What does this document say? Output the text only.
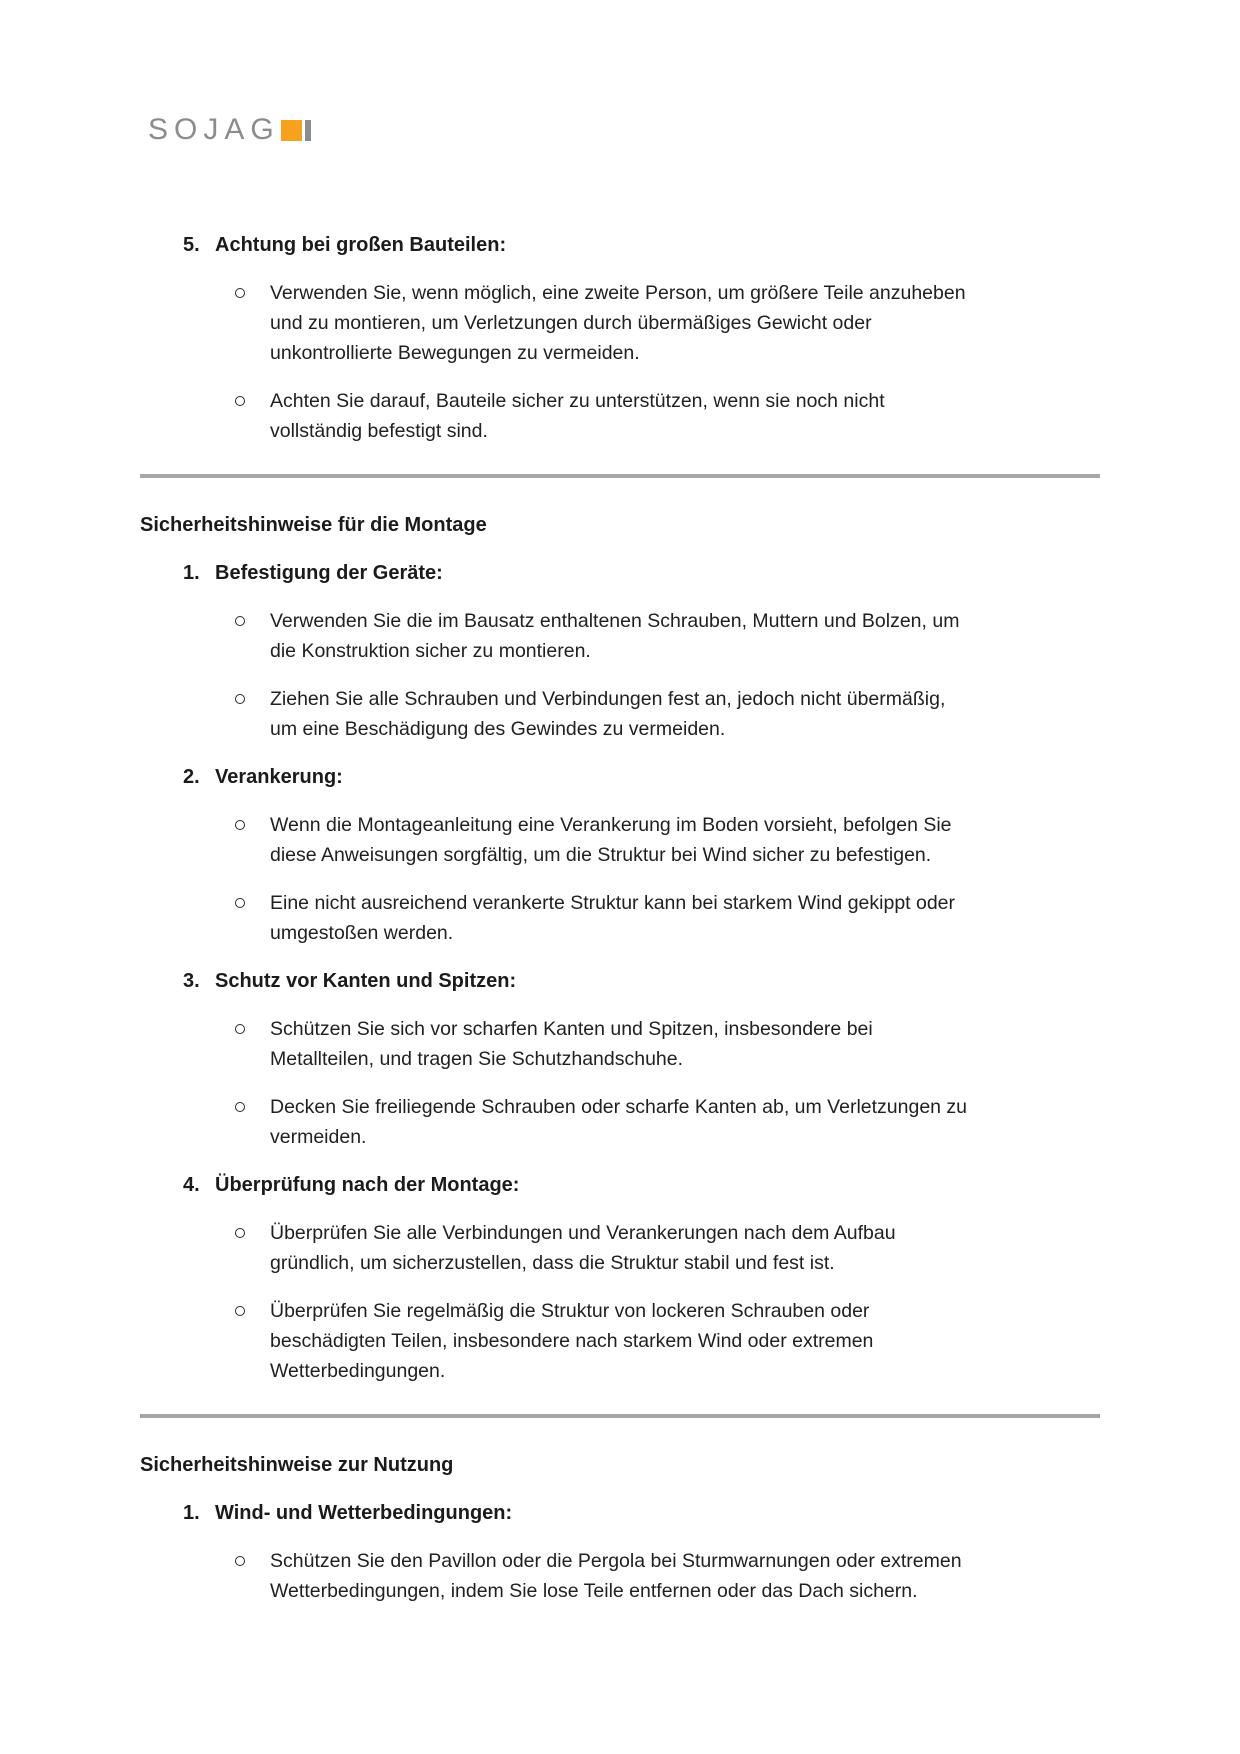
SOJAG
5. Achtung bei großen Bauteilen:
Verwenden Sie, wenn möglich, eine zweite Person, um größere Teile anzuheben
und zu montieren, um Verletzungen durch übermäßiges Gewicht oder
unkontrollierte Bewegungen zu vermeiden.
Achten Sie darauf, Bauteile sicher zu unterstützen, wenn sie noch nicht
vollständig befestigt sind.
Sicherheitshinweise für die Montage
1. Befestigung der Geräte:
Verwenden Sie die im Bausatz enthaltenen Schrauben, Muttern und Bolzen, um
die Konstruktion sicher zu montieren.
Ziehen Sie alle Schrauben und Verbindungen fest an, jedoch nicht übermäßig,
um eine Beschädigung des Gewindes zu vermeiden.
2. Verankerung:
Wenn die Montageanleitung eine Verankerung im Boden vorsieht, befolgen Sie
diese Anweisungen sorgfältig, um die Struktur bei Wind sicher zu befestigen.
Eine nicht ausreichend verankerte Struktur kann bei starkem Wind gekippt oder
umgestoßen werden.
3. Schutz vor Kanten und Spitzen:
Schützen Sie sich vor scharfen Kanten und Spitzen, insbesondere bei
Metallteilen, und tragen Sie Schutzhandschuhe.
Decken Sie freiliegende Schrauben oder scharfe Kanten ab, um Verletzungen zu
vermeiden.
4. Überprüfung nach der Montage:
Überprüfen Sie alle Verbindungen und Verankerungen nach dem Aufbau
gründlich, um sicherzustellen, dass die Struktur stabil und fest ist.
Überprüfen Sie regelmäßig die Struktur von lockeren Schrauben oder
beschädigten Teilen, insbesondere nach starkem Wind oder extremen
Wetterbedingungen.
Sicherheitshinweise zur Nutzung
1. Wind- und Wetterbedingungen:
Schützen Sie den Pavillon oder die Pergola bei Sturmwarnungen oder extremen
Wetterbedingungen, indem Sie lose Teile entfernen oder das Dach sichern.
